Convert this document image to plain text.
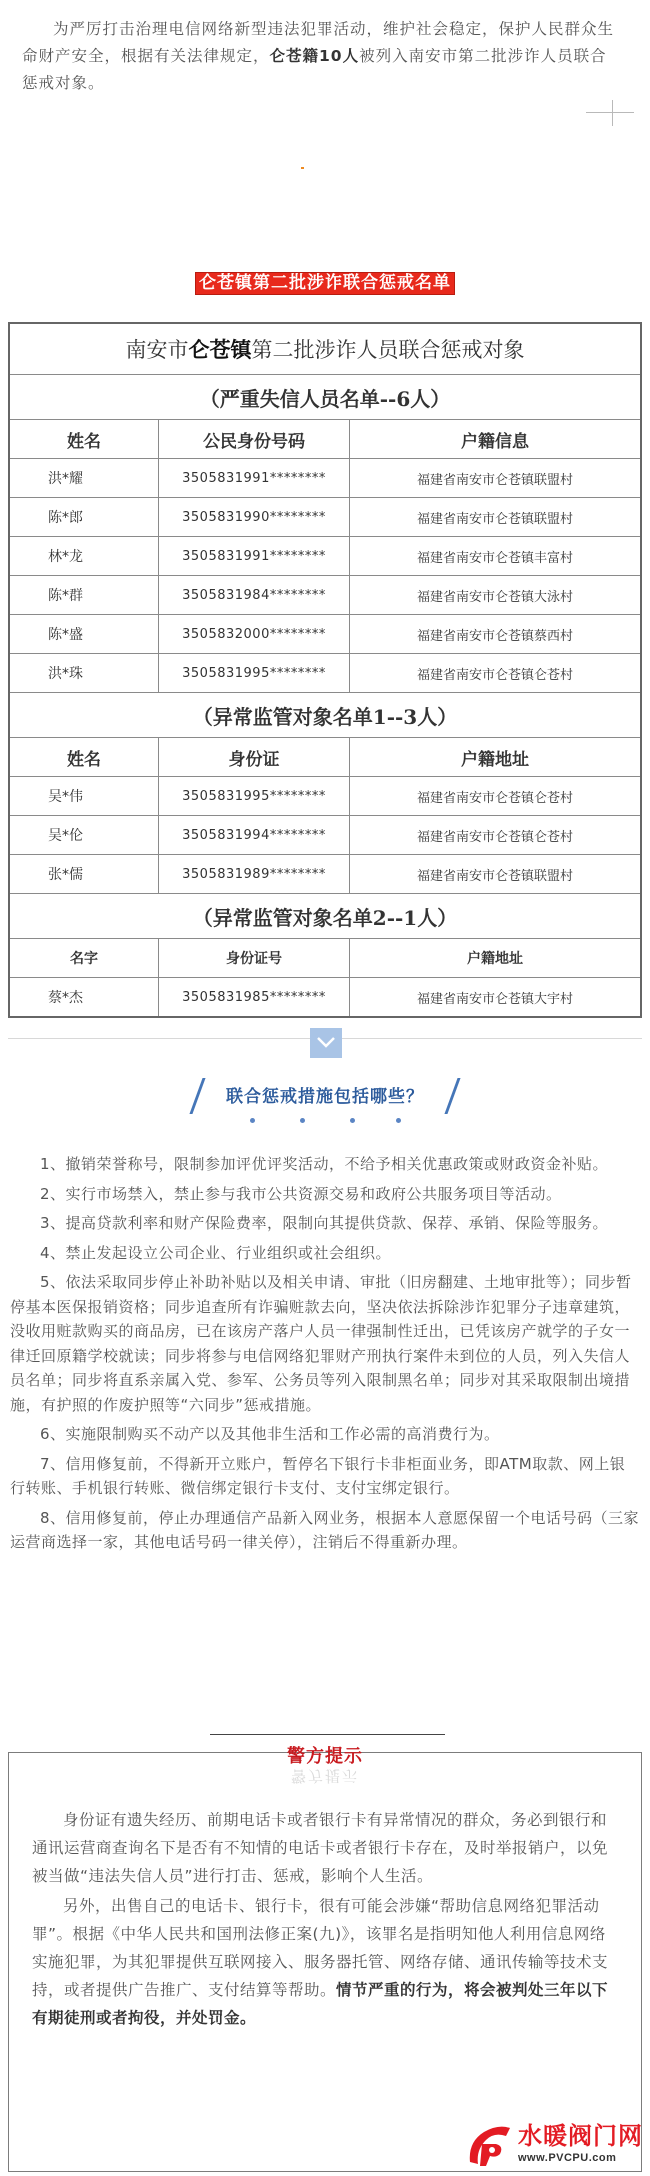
为严厉打击治理电信网络新型违法犯罪活动，维护社会稳定，保护人民群众生命财产安全，根据有关法律规定，仑苍籍10人被列入南安市第二批涉诈人员联合惩戒对象。
仑苍镇第二批涉诈联合惩戒名单
南安市仑苍镇第二批涉诈人员联合惩戒对象		
（严重失信人员名单--6人）		
姓名	公民身份号码	户籍信息
洪*耀	3505831991********	福建省南安市仑苍镇联盟村
陈*郎	3505831990********	福建省南安市仑苍镇联盟村
林*龙	3505831991********	福建省南安市仑苍镇丰富村
陈*群	3505831984********	福建省南安市仑苍镇大泳村
陈*盛	3505832000********	福建省南安市仑苍镇蔡西村
洪*珠	3505831995********	福建省南安市仑苍镇仑苍村
（异常监管对象名单1--3人）		
姓名	身份证	户籍地址
吴*伟	3505831995********	福建省南安市仑苍镇仑苍村
吴*伦	3505831994********	福建省南安市仑苍镇仑苍村
张*儒	3505831989********	福建省南安市仑苍镇联盟村
（异常监管对象名单2--1人）		
名字	身份证号	户籍地址
蔡*杰	3505831985********	福建省南安市仑苍镇大宇村
联合惩戒措施包括哪些？

1、撤销荣誉称号，限制参加评优评奖活动，不给予相关优惠政策或财政资金补贴。

2、实行市场禁入，禁止参与我市公共资源交易和政府公共服务项目等活动。

3、提高贷款利率和财产保险费率，限制向其提供贷款、保荐、承销、保险等服务。

4、禁止发起设立公司企业、行业组织或社会组织。

5、依法采取同步停止补助补贴以及相关申请、审批（旧房翻建、土地审批等）；同步暂停基本医保报销资格；同步追查所有诈骗赃款去向，坚决依法拆除涉诈犯罪分子违章建筑，没收用赃款购买的商品房，已在该房产落户人员一律强制性迁出，已凭该房产就学的子女一律迁回原籍学校就读；同步将参与电信网络犯罪财产刑执行案件未到位的人员，列入失信人员名单；同步将直系亲属入党、参军、公务员等列入限制黑名单；同步对其采取限制出境措施，有护照的作废护照等“六同步”惩戒措施。

6、实施限制购买不动产以及其他非生活和工作必需的高消费行为。

7、信用修复前，不得新开立账户，暂停名下银行卡非柜面业务，即ATM取款、网上银行转账、手机银行转账、微信绑定银行卡支付、支付宝绑定银行。

8、信用修复前，停止办理通信产品新入网业务，根据本人意愿保留一个电话号码（三家运营商选择一家，其他电话号码一律关停），注销后不得重新办理。

警方提示
警方提示

身份证有遗失经历、前期电话卡或者银行卡有异常情况的群众，务必到银行和通讯运营商查询名下是否有不知情的电话卡或者银行卡存在，及时举报销户，以免被当做“违法失信人员”进行打击、惩戒，影响个人生活。

另外，出售自己的电话卡、银行卡，很有可能会涉嫌“帮助信息网络犯罪活动罪”。根据《中华人民共和国刑法修正案(九)》，该罪名是指明知他人利用信息网络实施犯罪，为其犯罪提供互联网接入、服务器托管、网络存储、通讯传输等技术支持，或者提供广告推广、支付结算等帮助。情节严重的行为，将会被判处三年以下有期徒刑或者拘役，并处罚金。

水暖阀门网
www.PVCPU.com
